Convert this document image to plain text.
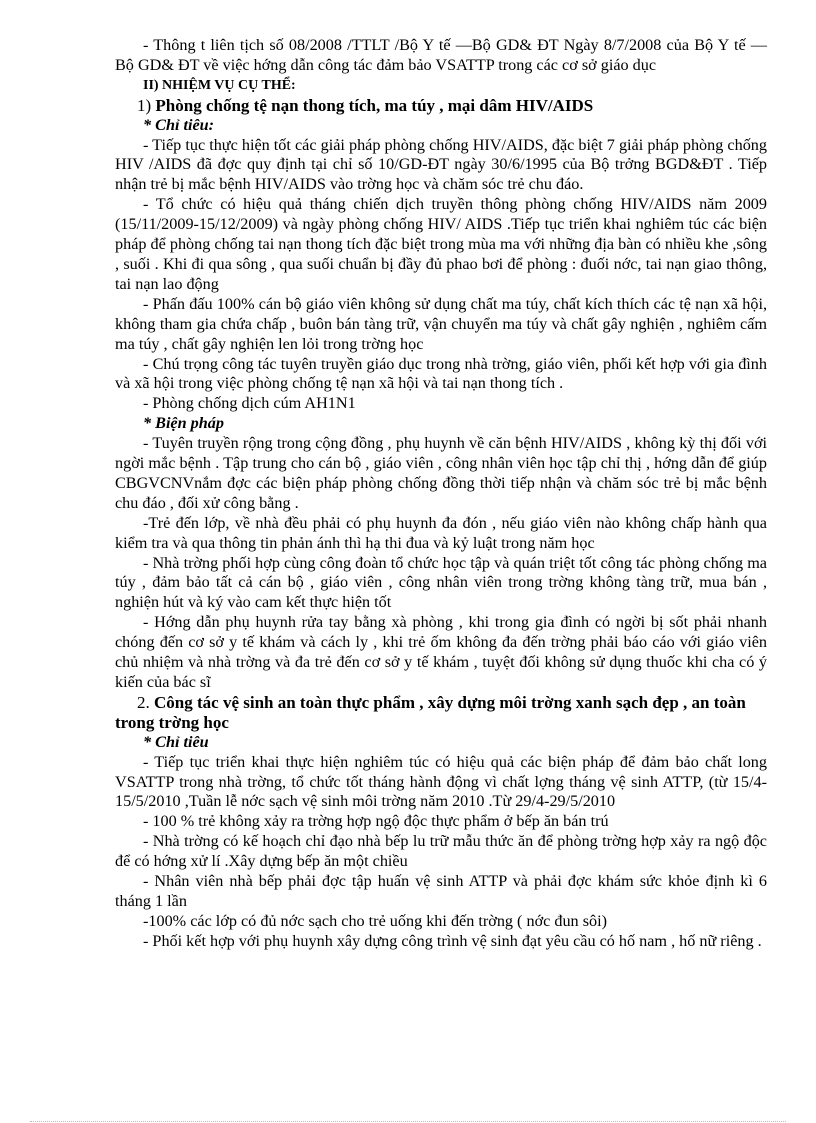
- Thông t liên tịch số 08/2008 /TTLT /Bộ Y tế —Bộ GD& ĐT Ngày 8/7/2008 của Bộ Y tế — Bộ GD& ĐT về việc hớng dẫn công tác đảm bảo VSATTP trong các cơ sở giáo dục

II) NHIỆM VỤ CỤ THỂ:

1) Phòng chống tệ nạn thong tích, ma túy , mại dâm HIV/AIDS

* Chỉ tiêu:

- Tiếp tục thực hiện tốt các giải pháp phòng chống HIV/AIDS, đặc biệt 7 giải pháp phòng chống HIV /AIDS đã đợc quy định tại chỉ số 10/GD-ĐT ngày 30/6/1995 của Bộ trởng BGD&ĐT . Tiếp nhận trẻ bị mắc bệnh HIV/AIDS vào trờng học và chăm sóc trẻ chu đáo.

- Tổ chức có hiệu quả tháng chiến dịch truyền thông phòng chống HIV/AIDS năm 2009 (15/11/2009-15/12/2009) và ngày phòng chống HIV/ AIDS .Tiếp tục triển khai nghiêm túc các biện pháp để phòng chống tai nạn thong tích đặc biệt trong mùa ma với những địa bàn có nhiều khe ,sông , suối . Khi đi qua sông , qua suối chuẩn bị đầy đủ phao bơi để phòng : đuối nớc, tai nạn giao thông, tai nạn lao động

- Phấn đấu 100% cán bộ giáo viên không sử dụng chất ma túy, chất kích thích các tệ nạn xã hội, không tham gia chứa chấp , buôn bán tàng trữ, vận chuyển ma túy và chất gây nghiện , nghiêm cấm ma túy , chất gây nghiện len lỏi trong trờng học

- Chú trọng công tác tuyên truyền giáo dục trong nhà trờng, giáo viên, phối kết hợp với gia đình và xã hội trong việc phòng chống tệ nạn xã hội và tai nạn thong tích .

- Phòng chống dịch cúm AH1N1

* Biện pháp

- Tuyên truyền rộng trong cộng đồng , phụ huynh về căn bệnh HIV/AIDS , không kỳ thị đối với ngời mắc bệnh . Tập trung cho cán bộ , giáo viên , công nhân viên học tập chỉ thị , hớng dẫn để giúp CBGVCNVnắm đợc các biện pháp phòng chống đồng thời tiếp nhận và chăm sóc trẻ bị mắc bệnh chu đáo , đối xử công bằng .

-Trẻ đến lớp, về nhà đều phải có phụ huynh đa đón , nếu giáo viên nào không chấp hành qua kiểm tra và qua thông tin phản ánh thì hạ thi đua và kỷ luật trong năm học

- Nhà trờng phối hợp cùng công đoàn tổ chức học tập và quán triệt tốt công tác phòng chống ma túy , đảm bảo tất cả cán bộ , giáo viên , công nhân viên trong trờng không tàng trữ, mua bán , nghiện hút và ký vào cam kết thực hiện tốt

- Hớng dẫn phụ huynh rửa tay bằng xà phòng , khi trong gia đình có ngời bị sốt phải nhanh chóng đến cơ sở y tế khám và cách ly , khi trẻ ốm không đa đến trờng phải báo cáo với giáo viên chủ nhiệm và nhà trờng và đa trẻ đến cơ sở y tế khám , tuyệt đối không sử dụng thuốc khi cha có ý kiến của bác sĩ

2. Công tác vệ sinh an toàn thực phẩm , xây dựng môi trờng xanh sạch đẹp , an toàn trong trờng học

* Chỉ tiêu

- Tiếp tục triển khai thực hiện nghiêm túc có hiệu quả các biện pháp để đảm bảo chất long VSATTP trong nhà trờng, tổ chức tốt tháng hành động vì chất lợng tháng vệ sinh ATTP, (từ 15/4-15/5/2010 ,Tuần lễ nớc sạch vệ sinh môi trờng năm 2010 .Từ 29/4-29/5/2010

- 100 % trẻ không xảy ra trờng hợp ngộ độc thực phẩm ở bếp ăn bán trú

- Nhà trờng có kế hoạch chỉ đạo nhà bếp lu trữ mẫu thức ăn để phòng trờng hợp xảy ra ngộ độc để có hớng xử lí .Xây dựng bếp ăn một chiều

- Nhân viên nhà bếp phải đợc tập huấn vệ sinh ATTP và phải đợc khám sức khỏe định kì 6 tháng 1 lần

-100% các lớp có đủ nớc sạch cho trẻ uống khi đến trờng ( nớc đun sôi)

- Phối kết hợp với phụ huynh xây dựng công trình vệ sinh đạt yêu cầu có hố nam , hố nữ riêng .
